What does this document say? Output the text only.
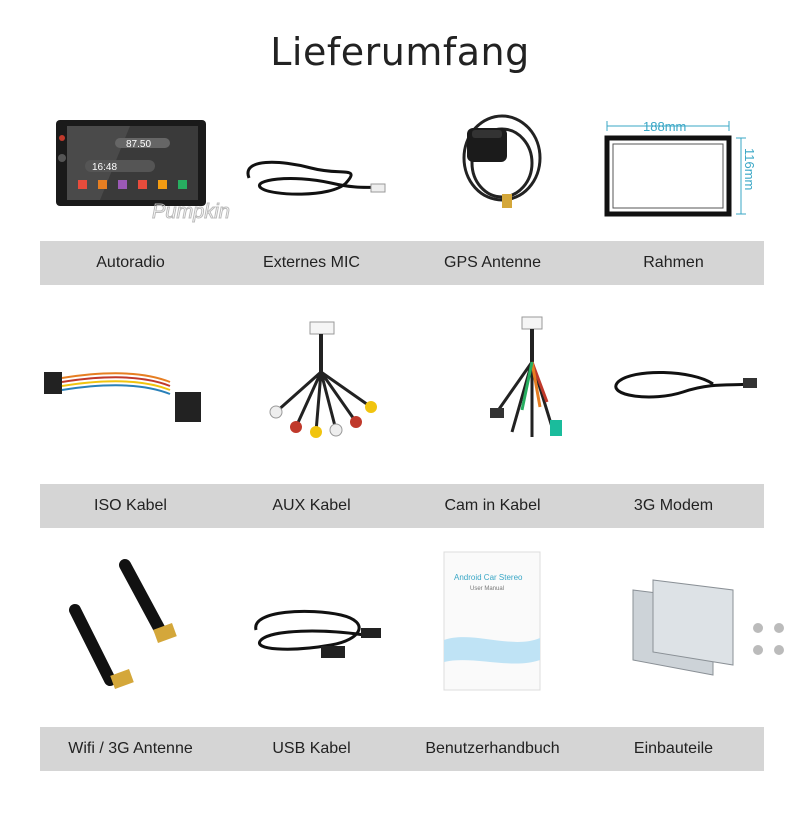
Lieferumfang
87.50
16:48
Pumpkin
188mm
116mm
Autoradio	Externes MIC	GPS Antenne	Rahmen
ISO Kabel	AUX Kabel	Cam in Kabel	3G Modem
Android Car Stereo
User Manual
Wifi / 3G Antenne	USB Kabel	Benutzerhandbuch	Einbauteile
